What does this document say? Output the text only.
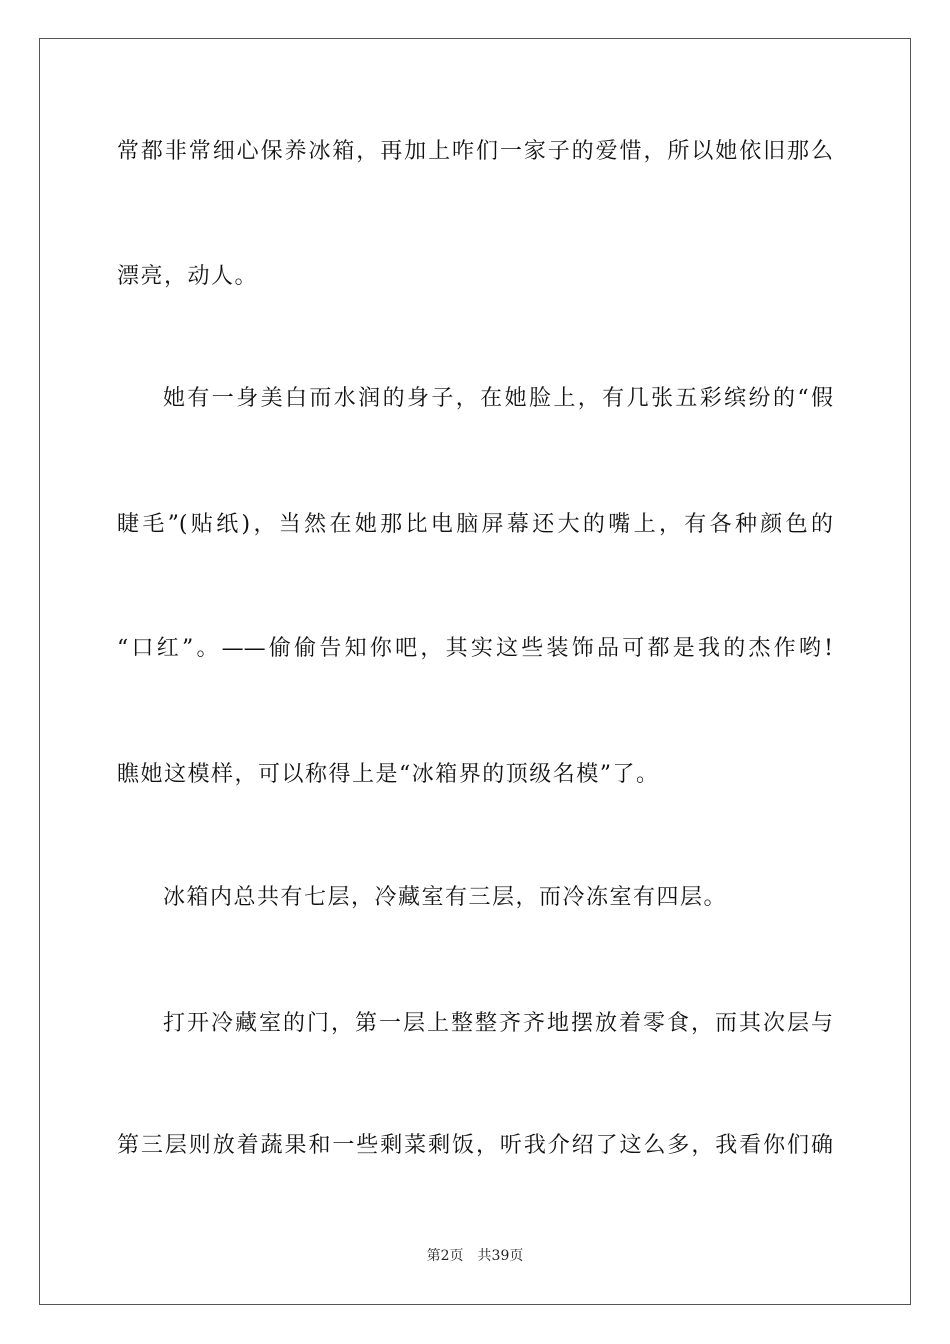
常都非常细心保养冰箱，再加上咋们一家子的爱惜，所以她依旧那么
漂亮，动人。
她有一身美白而水润的身子，在她脸上，有几张五彩缤纷的“假
睫毛”(贴纸)，当然在她那比电脑屏幕还大的嘴上，有各种颜色的
“口红”。——偷偷告知你吧，其实这些装饰品可都是我的杰作哟!
瞧她这模样，可以称得上是“冰箱界的顶级名模”了。
冰箱内总共有七层，冷藏室有三层，而冷冻室有四层。
打开冷藏室的门，第一层上整整齐齐地摆放着零食，而其次层与
第三层则放着蔬果和一些剩菜剩饭，听我介绍了这么多，我看你们确
第2页 共39页
